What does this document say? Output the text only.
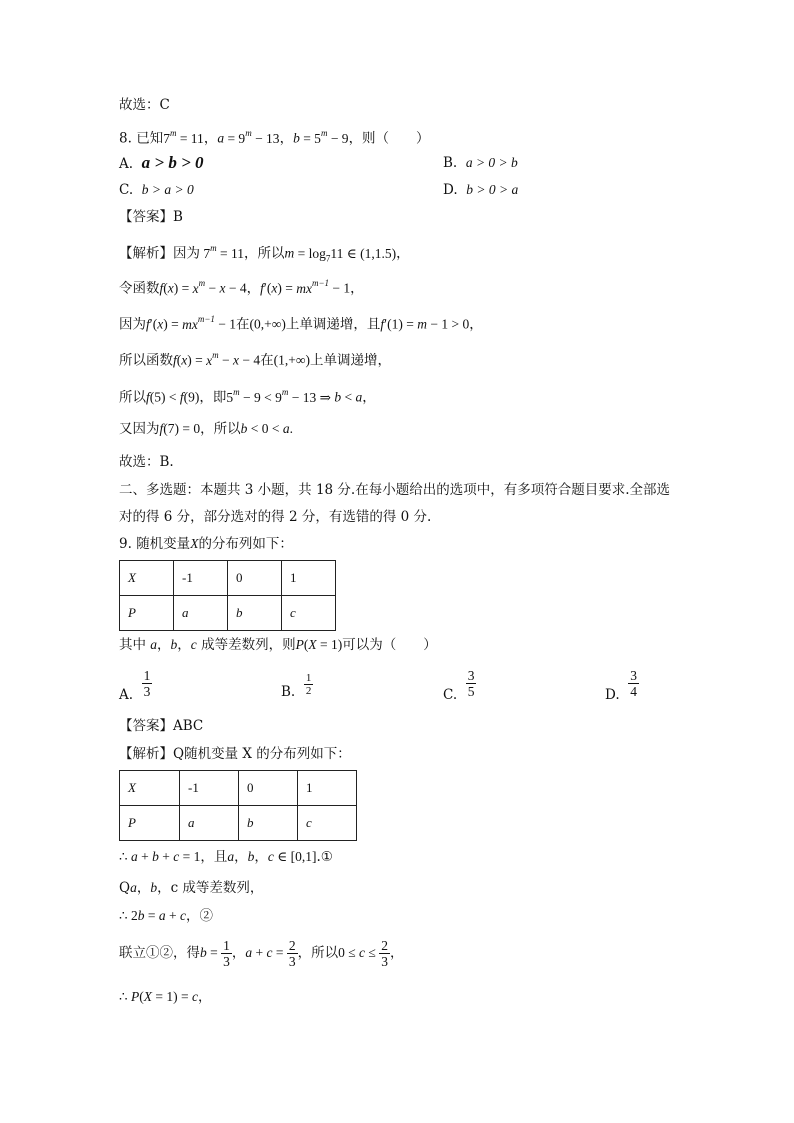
故选：C
8. 已知$7^m = 11$，$a = 9^m - 13$，$b = 5^m - 9$，则（　　）
A. a > b > 0	B. a > 0 > b
C. b > a > 0	D. b > 0 > a
【答案】B
【解析】因为 $7^m = 11$，所以$m = \log_711$ ∈ (1,1.5)，
令函数$f(x) = x^m - x - 4$，$f'(x) = mx^{m-1} - 1$，
因为$f'(x) = mx^{m-1} - 1$在(0,+∞)上单调递增，且f′(1) = m − 1 > 0，
所以函数$f(x) = x^m - x - 4$在(1,+∞)上单调递增，
所以f(5) < f(9)，即$5^m - 9 < 9^m - 13$ ⇒ b < a，
又因为f(7) = 0，所以b < 0 < a.
故选：B.
二、多选题：本题共 3 小题，共 18 分.在每小题给出的选项中，有多项符合题目要求.全部选
对的得 6 分，部分选对的得 2 分，有选错的得 0 分.
9. 随机变量X的分布列如下：
X	-1	0	1
P	a	b	c
其中 a，b，c 成等差数列，则P(X = 1)可以为（　　）
A. $\frac{1}{3}$	B. $\frac{1}{2}$	C. $\frac{3}{5}$	D. $\frac{3}{4}$
【答案】ABC
【解析】Q随机变量 X 的分布列如下：
X	-1	0	1
P	a	b	c
∴ a + b + c = 1，且a，b，c ∈ [0,1].①
Qa，b，c 成等差数列，
∴ 2b = a + c，②
联立①②，得$b = \frac{1}{3}$ ，$a + c = \frac{2}{3}$ ，所以$0 \le c \le \frac{2}{3}$ ，
∴ P(X = 1) = c，
